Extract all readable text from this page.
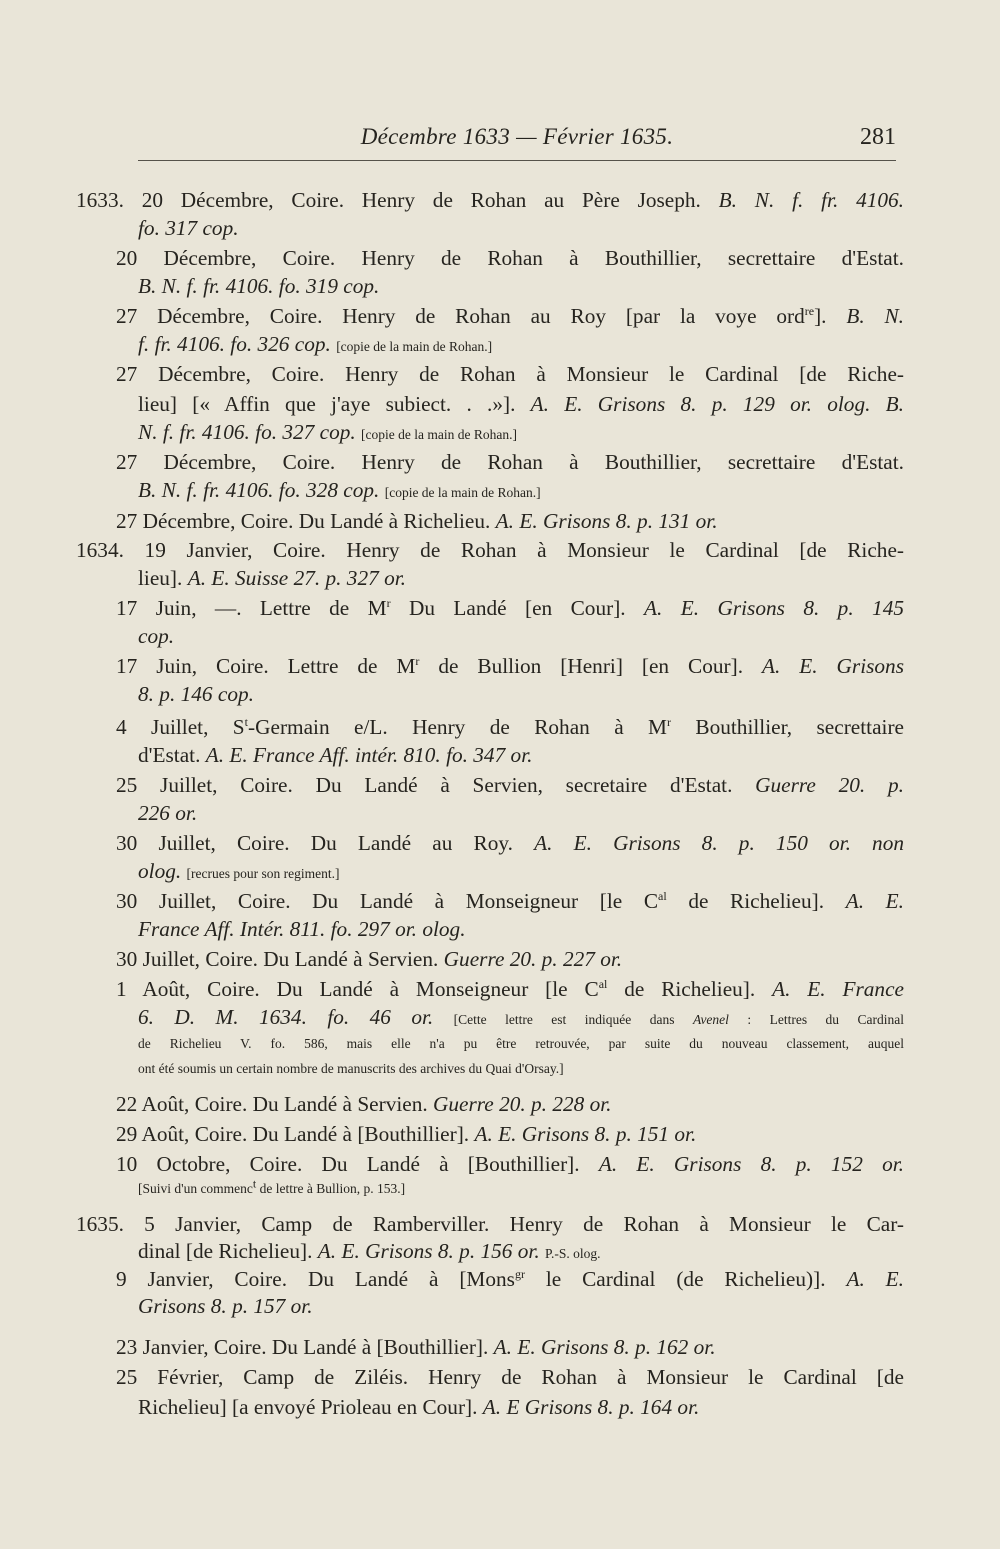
Décembre 1633 — Février 1635.	281
1633. 20 Décembre, Coire. Henry de Rohan au Père Joseph. B. N. f. fr. 4106.
fo. 317 cop.
20 Décembre, Coire. Henry de Rohan à Bouthillier, secrettaire d'Estat.
B. N. f. fr. 4106. fo. 319 cop.
27 Décembre, Coire. Henry de Rohan au Roy [par la voye ord$^{re}$]. B. N.
f. fr. 4106. fo. 326 cop. [copie de la main de Rohan.]
27 Décembre, Coire. Henry de Rohan à Monsieur le Cardinal [de Riche-
lieu] [« Affin que j'aye subiect. . .»]. A. E. Grisons 8. p. 129 or. olog. B.
N. f. fr. 4106. fo. 327 cop. [copie de la main de Rohan.]
27 Décembre, Coire. Henry de Rohan à Bouthillier, secrettaire d'Estat.
B. N. f. fr. 4106. fo. 328 cop. [copie de la main de Rohan.]
27 Décembre, Coire. Du Landé à Richelieu. A. E. Grisons 8. p. 131 or.
1634. 19 Janvier, Coire. Henry de Rohan à Monsieur le Cardinal [de Riche-
lieu]. A. E. Suisse 27. p. 327 or.
17 Juin, —. Lettre de $M^r$ Du Landé [en Cour]. A. E. Grisons 8. p. 145
cop.
17 Juin, Coire. Lettre de $M^r$ de Bullion [Henri] [en Cour]. A. E. Grisons
8. p. 146 cop.
4 Juillet, $S^t$-Germain e/L. Henry de Rohan à $M^r$ Bouthillier, secrettaire
d'Estat. A. E. France Aff. intér. 810. fo. 347 or.
25 Juillet, Coire. Du Landé à Servien, secretaire d'Estat. Guerre 20. p.
226 or.
30 Juillet, Coire. Du Landé au Roy. A. E. Grisons 8. p. 150 or. non
olog. [recrues pour son regiment.]
30 Juillet, Coire. Du Landé à Monseigneur [le $C^{al}$ de Richelieu]. A. E.
France Aff. Intér. 811. fo. 297 or. olog.
30 Juillet, Coire. Du Landé à Servien. Guerre 20. p. 227 or.
1 Août, Coire. Du Landé à Monseigneur [le $C^{al}$ de Richelieu]. A. E. France
6. D. M. 1634. fo. 46 or. [Cette lettre est indiquée dans Avenel : Lettres du Cardinal
de Richelieu V. fo. 586, mais elle n'a pu être retrouvée, par suite du nouveau classement, auquel
ont été soumis un certain nombre de manuscrits des archives du Quai d'Orsay.]
22 Août, Coire. Du Landé à Servien. Guerre 20. p. 228 or.
29 Août, Coire. Du Landé à [Bouthillier]. A. E. Grisons 8. p. 151 or.
10 Octobre, Coire. Du Landé à [Bouthillier]. A. E. Grisons 8. p. 152 or.
[Suivi d'un commenc$^t$ de lettre à Bullion, p. 153.]
1635. 5 Janvier, Camp de Ramberviller. Henry de Rohan à Monsieur le Car-
dinal [de Richelieu]. A. E. Grisons 8. p. 156 or. P.-S. olog.
9 Janvier, Coire. Du Landé à [Mons$^{gr}$ le Cardinal (de Richelieu)]. A. E.
Grisons 8. p. 157 or.
23 Janvier, Coire. Du Landé à [Bouthillier]. A. E. Grisons 8. p. 162 or.
25 Février, Camp de Ziléis. Henry de Rohan à Monsieur le Cardinal [de
Richelieu] [a envoyé Prioleau en Cour]. A. E Grisons 8. p. 164 or.
